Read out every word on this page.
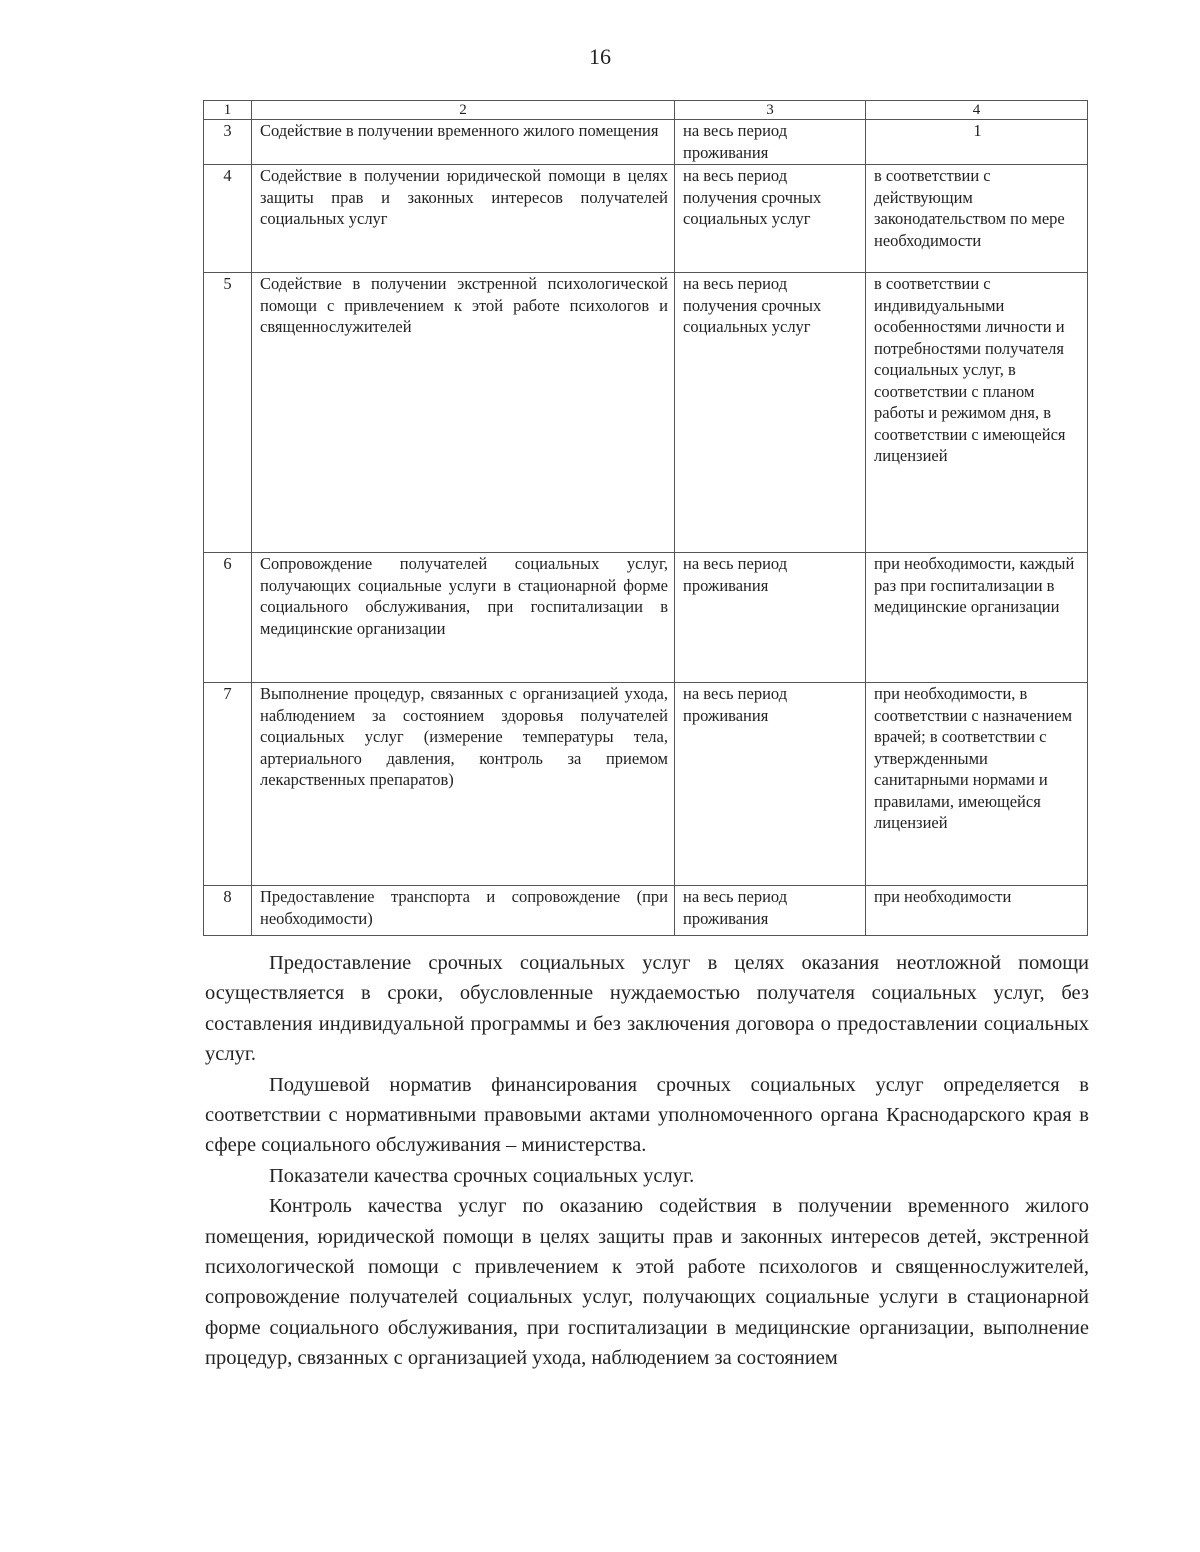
16
1	2	3	4
3	Содействие в получении временного жилого помещения	на весь период проживания	1
4	Содействие в получении юридической помощи в целях защиты прав и законных интересов получателей социальных услуг	на весь период получения срочных социальных услуг	в соответствии с действующим законодательством по мере необходимости
5	Содействие в получении экстренной психологической помощи с привлечением к этой работе психологов и священнослужителей	на весь период получения срочных социальных услуг	в соответствии с индивидуальными особенностями личности и потребностями получателя социальных услуг, в соответствии с планом работы и режимом дня, в соответствии с имеющейся лицензией
6	Сопровождение получателей социальных услуг, получающих социальные услуги в стационарной форме социального обслуживания, при госпитализации в медицинские организации	на весь период проживания	при необходимости, каждый раз при госпитализации в медицинские организации
7	Выполнение процедур, связанных с организацией ухода, наблюдением за состоянием здоровья получателей социальных услуг (измерение температуры тела, артериального давления, контроль за приемом лекарственных препаратов)	на весь период проживания	при необходимости, в соответствии с назначением врачей; в соответствии с утвержденными санитарными нормами и правилами, имеющейся лицензией
8	Предоставление транспорта и сопровождение (при необходимости)	на весь период проживания	при необходимости

Предоставление срочных социальных услуг в целях оказания неотложной помощи осуществляется в сроки, обусловленные нуждаемостью получателя социальных услуг, без составления индивидуальной программы и без заключения договора о предоставлении социальных услуг.

Подушевой норматив финансирования срочных социальных услуг определяется в соответствии с нормативными правовыми актами уполномоченного органа Краснодарского края в сфере социального обслуживания – министерства.

Показатели качества срочных социальных услуг.

Контроль качества услуг по оказанию содействия в получении временного жилого помещения, юридической помощи в целях защиты прав и законных интересов детей, экстренной психологической помощи с привлечением к этой работе психологов и священнослужителей, сопровождение получателей социальных услуг, получающих социальные услуги в стационарной форме социального обслуживания, при госпитализации в медицинские организации, выполнение процедур, связанных с организацией ухода, наблюдением за состоянием
